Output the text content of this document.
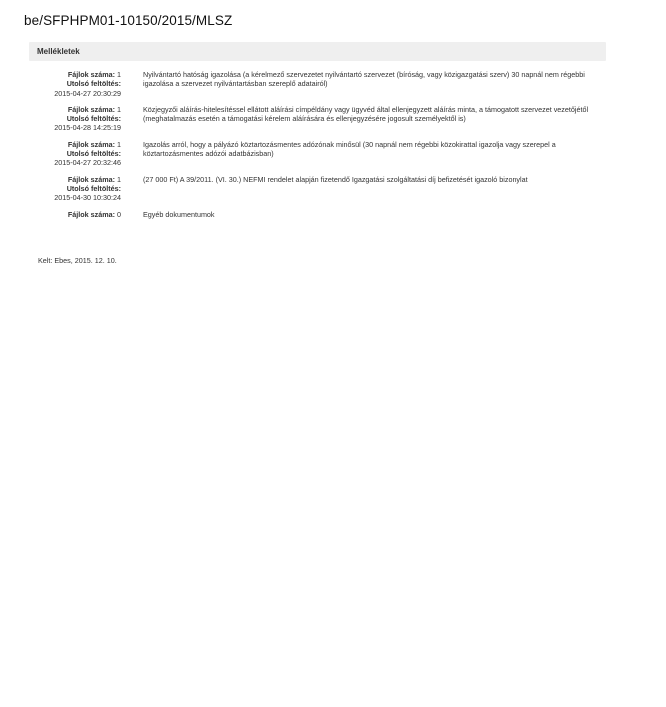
be/SFPHPM01-10150/2015/MLSZ
Mellékletek
Fájlok száma: 1
Utolsó feltöltés:
2015-04-27 20:30:29
Nyilvántartó hatóság igazolása (a kérelmező szervezetet nyilvántartó szervezet (bíróság, vagy közigazgatási szerv) 30 napnál nem régebbi igazolása a szervezet nyilvántartásban szereplő adatairól)
Fájlok száma: 1
Utolsó feltöltés:
2015-04-28 14:25:19
Közjegyzői aláírás-hitelesítéssel ellátott aláírási címpéldány vagy ügyvéd által ellenjegyzett aláírás minta, a támogatott szervezet vezetőjétől (meghatalmazás esetén a támogatási kérelem aláírására és ellenjegyzésére jogosult személyektől is)
Fájlok száma: 1
Utolsó feltöltés:
2015-04-27 20:32:46
Igazolás arról, hogy a pályázó köztartozásmentes adózónak minősül (30 napnál nem régebbi közokirattal igazolja vagy szerepel a köztartozásmentes adózói adatbázisban)
Fájlok száma: 1
Utolsó feltöltés:
2015-04-30 10:30:24
(27 000 Ft) A 39/2011. (VI. 30.) NEFMI rendelet alapján fizetendő Igazgatási szolgáltatási díj befizetését igazoló bizonylat
Fájlok száma: 0	Egyéb dokumentumok
Kelt: Ebes, 2015. 12. 10.
